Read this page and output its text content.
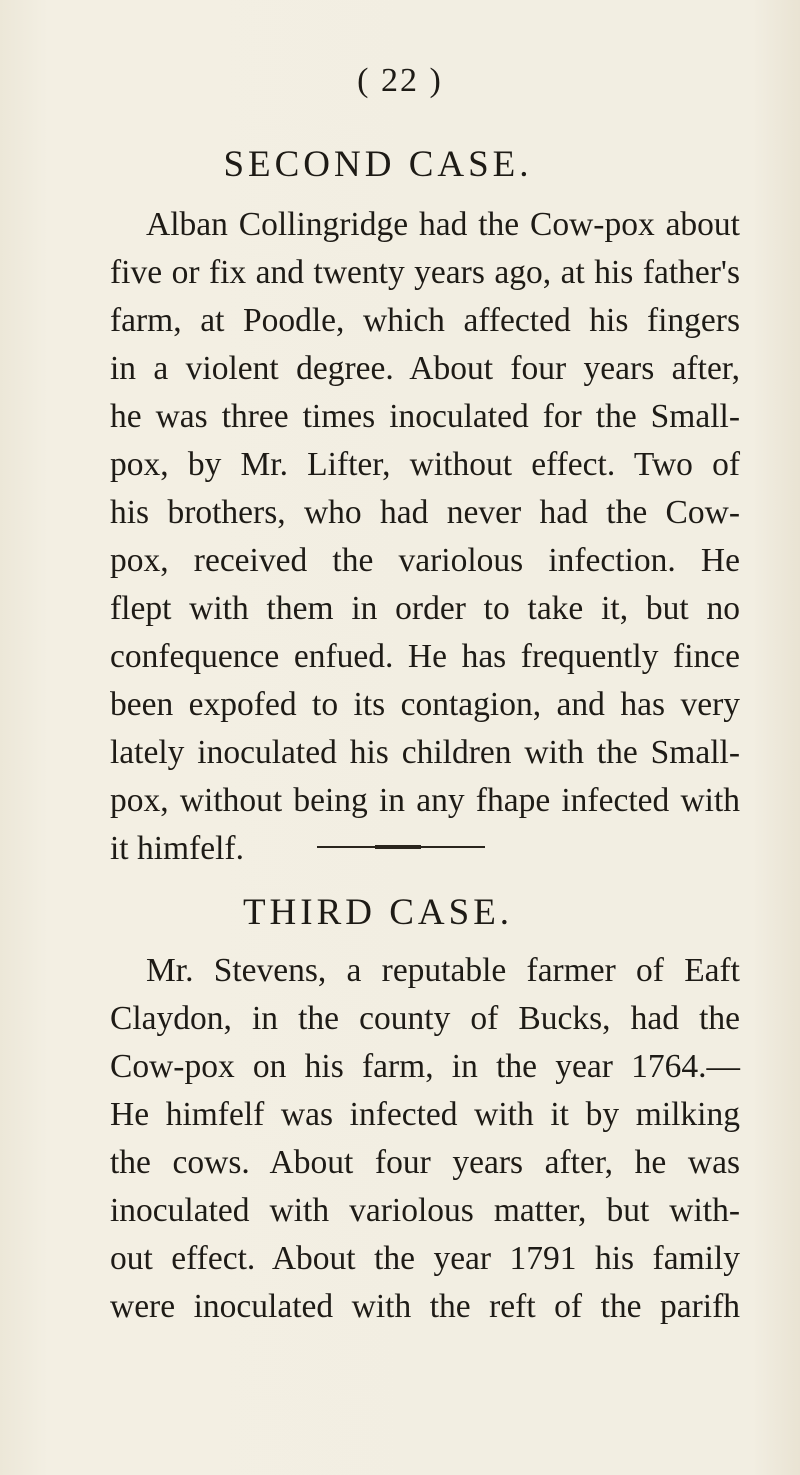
( 22 )
SECOND CASE.
Alban Collingridge had the Cow-pox about
five or fix and twenty years ago, at his father's
farm, at Poodle, which affected his fingers
in a violent degree. About four years after,
he was three times inoculated for the Small-
pox, by Mr. Lifter, without effect. Two of
his brothers, who had never had the Cow-
pox, received the variolous infection. He
flept with them in order to take it, but no
confequence enfued. He has frequently fince
been expofed to its contagion, and has very
lately inoculated his children with the Small-
pox, without being in any fhape infected with
it himfelf.
THIRD CASE.
Mr. Stevens, a reputable farmer of Eaft
Claydon, in the county of Bucks, had the
Cow-pox on his farm, in the year 1764.—
He himfelf was infected with it by milking
the cows. About four years after, he was
inoculated with variolous matter, but with-
out effect. About the year 1791 his family
were inoculated with the reft of the parifh
